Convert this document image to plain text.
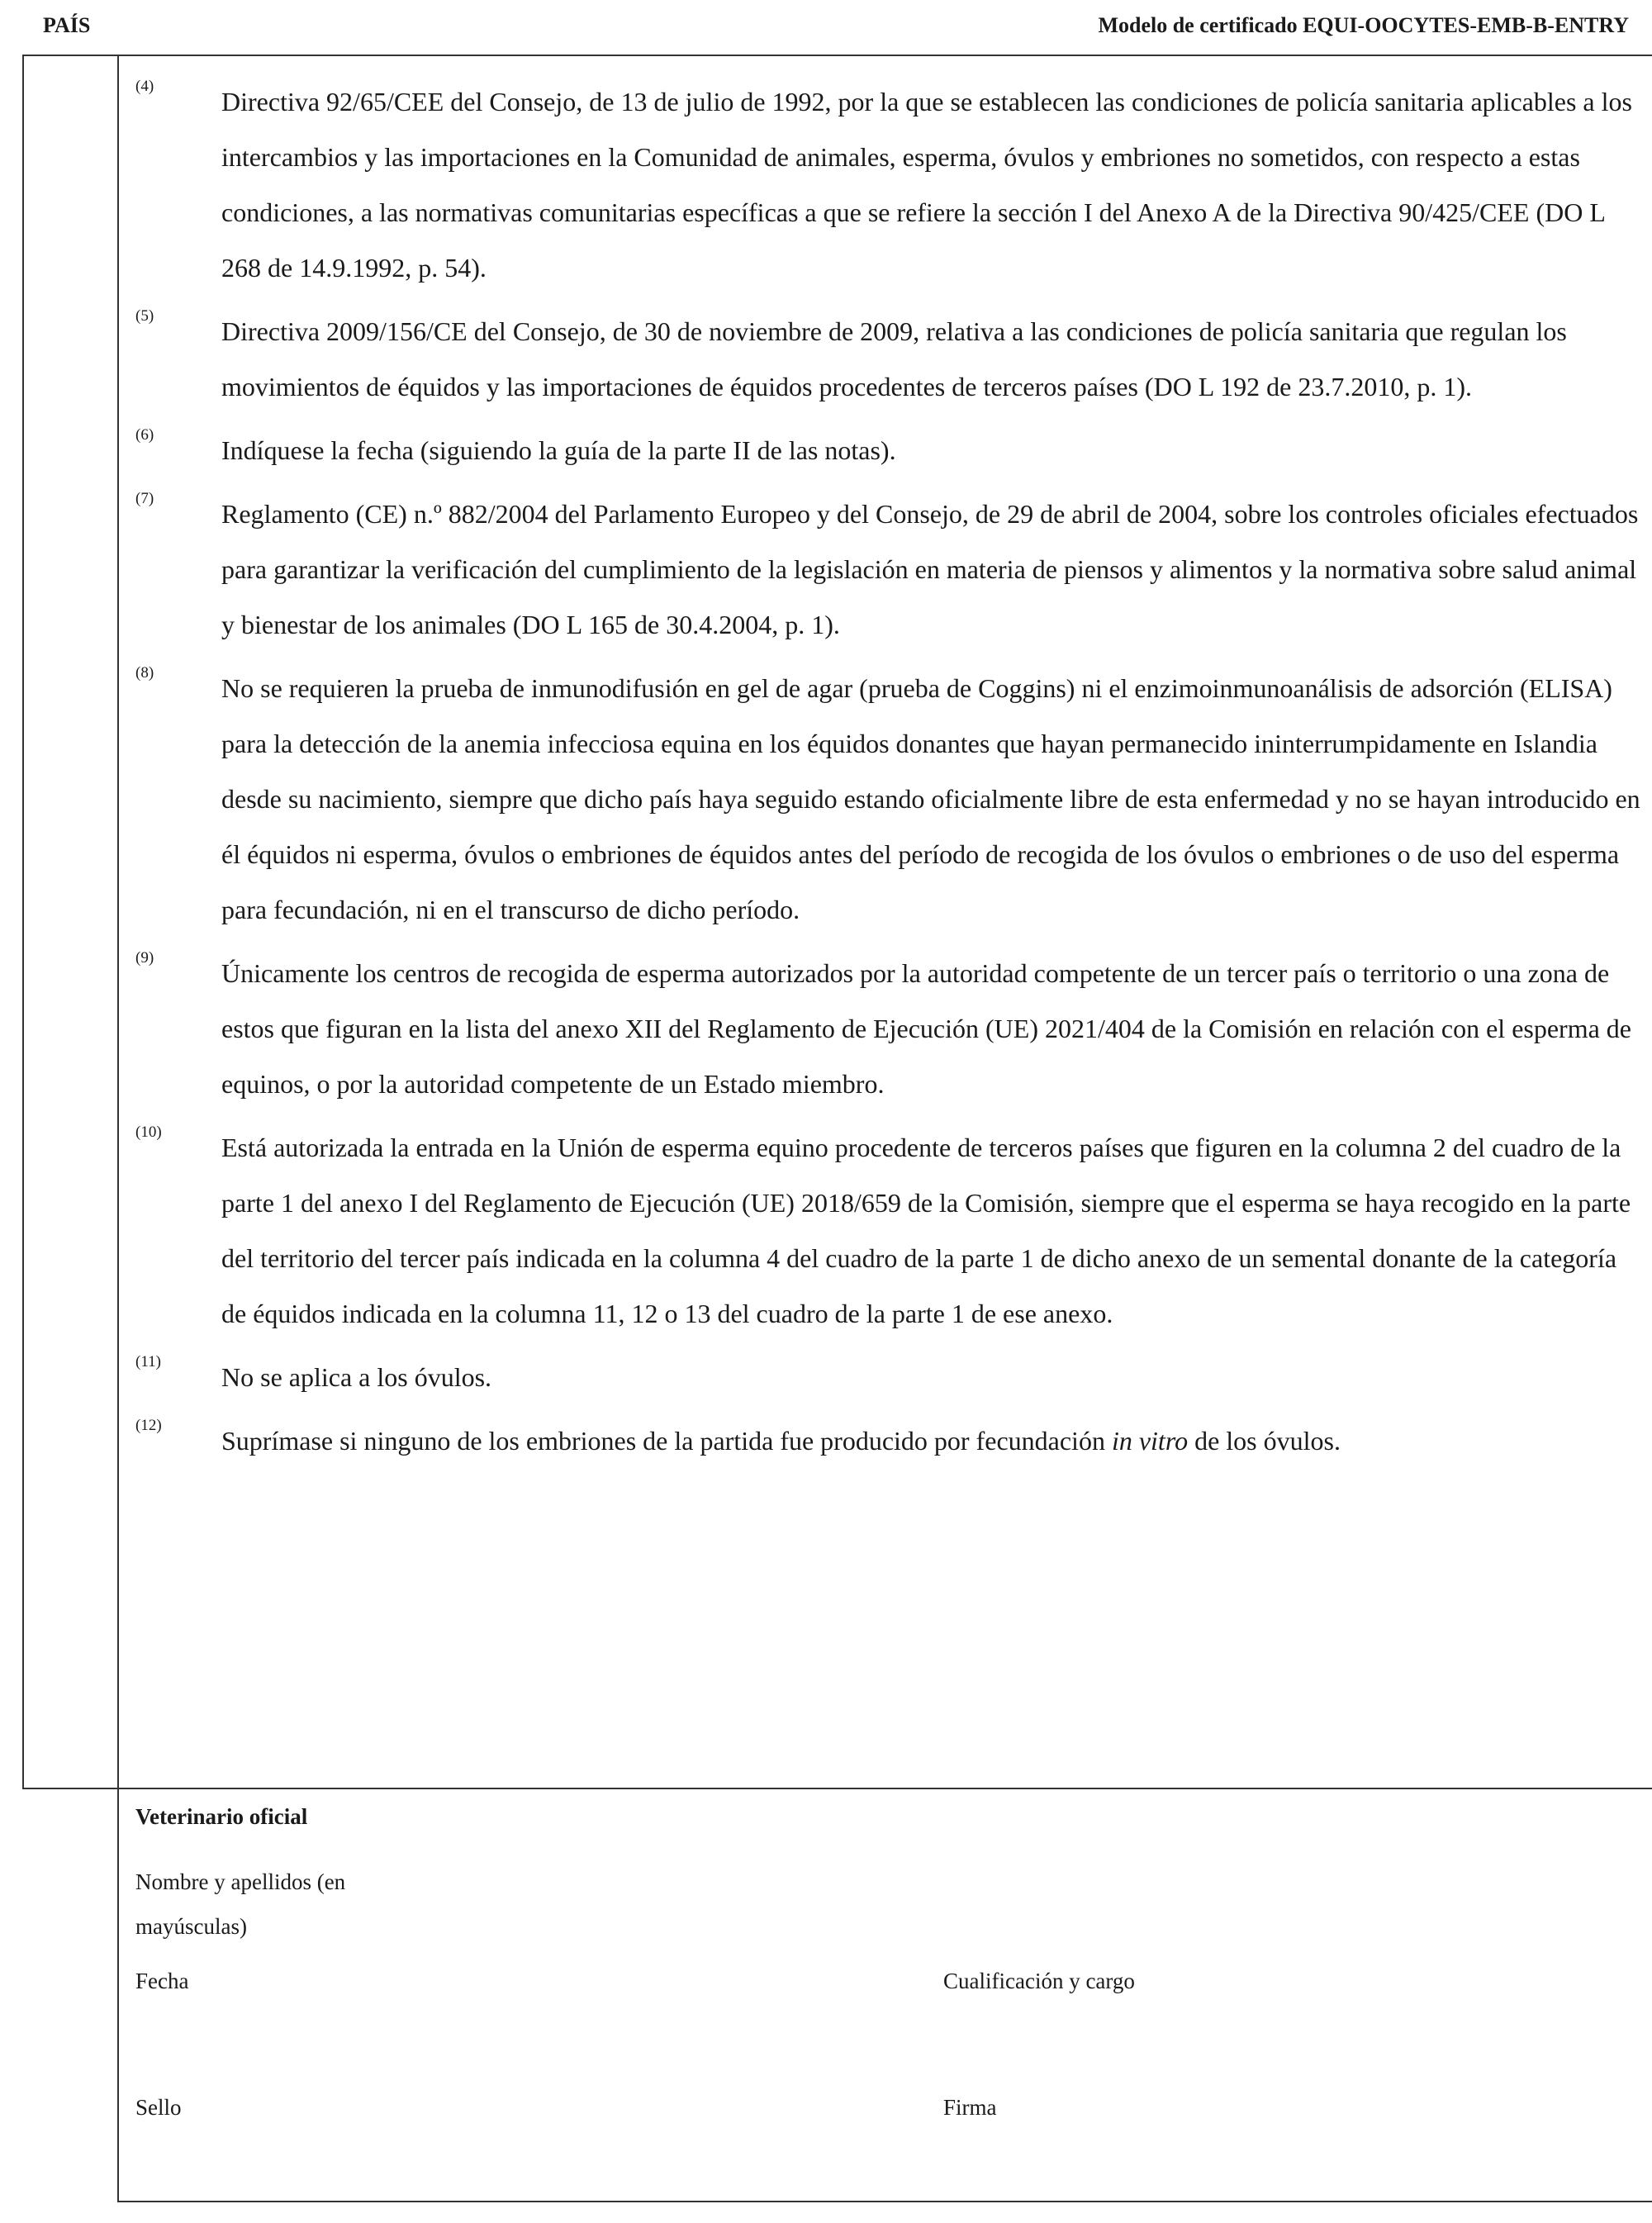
PAÍS	Modelo de certificado EQUI-OOCYTES-EMB-B-ENTRY
(4)
Directiva 92/65/CEE del Consejo, de 13 de julio de 1992, por la que se establecen las condiciones de policía sanitaria aplicables a los intercambios y las importaciones en la Comunidad de animales, esperma, óvulos y embriones no sometidos, con respecto a estas condiciones, a las normativas comunitarias específicas a que se refiere la sección I del Anexo A de la Directiva 90/425/CEE (DO L 268 de 14.9.1992, p. 54).
(5)
Directiva 2009/156/CE del Consejo, de 30 de noviembre de 2009, relativa a las condiciones de policía sanitaria que regulan los movimientos de équidos y las importaciones de équidos procedentes de terceros países (DO L 192 de 23.7.2010, p. 1).
(6)
Indíquese la fecha (siguiendo la guía de la parte II de las notas).
(7)
Reglamento (CE) n.º 882/2004 del Parlamento Europeo y del Consejo, de 29 de abril de 2004, sobre los controles oficiales efectuados para garantizar la verificación del cumplimiento de la legislación en materia de piensos y alimentos y la normativa sobre salud animal y bienestar de los animales (DO L 165 de 30.4.2004, p. 1).
(8)
No se requieren la prueba de inmunodifusión en gel de agar (prueba de Coggins) ni el enzimoinmunoanálisis de adsorción (ELISA) para la detección de la anemia infecciosa equina en los équidos donantes que hayan permanecido ininterrumpidamente en Islandia desde su nacimiento, siempre que dicho país haya seguido estando oficialmente libre de esta enfermedad y no se hayan introducido en él équidos ni esperma, óvulos o embriones de équidos antes del período de recogida de los óvulos o embriones o de uso del esperma para fecundación, ni en el transcurso de dicho período.
(9)
Únicamente los centros de recogida de esperma autorizados por la autoridad competente de un tercer país o territorio o una zona de estos que figuran en la lista del anexo XII del Reglamento de Ejecución (UE) 2021/404 de la Comisión en relación con el esperma de equinos, o por la autoridad competente de un Estado miembro.
(10)
Está autorizada la entrada en la Unión de esperma equino procedente de terceros países que figuren en la columna 2 del cuadro de la parte 1 del anexo I del Reglamento de Ejecución (UE) 2018/659 de la Comisión, siempre que el esperma se haya recogido en la parte del territorio del tercer país indicada en la columna 4 del cuadro de la parte 1 de dicho anexo de un semental donante de la categoría de équidos indicada en la columna 11, 12 o 13 del cuadro de la parte 1 de ese anexo.
(11)
No se aplica a los óvulos.
(12)
Suprímase si ninguno de los embriones de la partida fue producido por fecundación in vitro de los óvulos.
Veterinario oficial
Nombre y apellidos (en mayúsculas)
Fecha	Cualificación y cargo
Sello	Firma
